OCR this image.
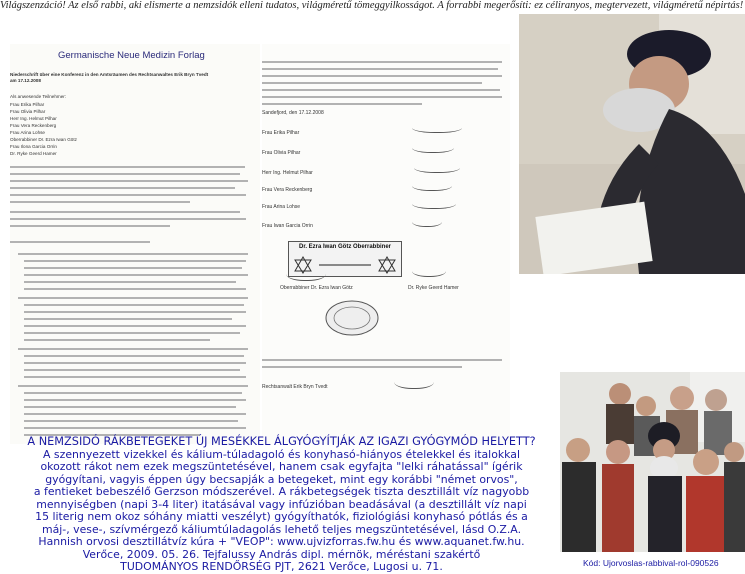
Világszenzáció! Az első rabbi, aki elismerte a nemzsidók elleni tudatos, világméretű tömeggyilkosságot. A forrabbi megerősíti: ez céliranyos, megtervezett, világméretű népirtás!
Germanische Neue Medizin Forlag
Niederschrift über eine Konferenz in den Amtsräumen des Rechtsanwaltes Erik Bryn Tvedt am 17.12.2008
Als anwesende Teilnehmer:
Frau Erika Pilhar
Frau Olivia Pilhar
Herr Ing. Helmut Pilhar
Frau Vera Reckenberg
Frau Arina Lohse
Oberrabbiner Dr. Ezra Iwan Götz
Frau Ilona Garcia Orrin
Dr. Ryke Geerd Hamer
Sandefjord, den 17.12.2008
Frau Erika Pilhar
Frau Olivia Pilhar
Herr Ing. Helmut Pilhar
Frau Vera Reckenberg
Frau Arina Lohse
Frau Iwan Garcia Orrin
Dr. Ezra Iwan Götz Oberrabbiner
Oberrabbiner Dr. Ezra Iwan Götz	Dr. Ryke Geerd Hamer
Rechtsanwalt Erik Bryn Tvedt
A NEMZSIDÓ RÁKBETEGEKET ÚJ MESÉKKEL ÁLGYÓGYÍTJÁK AZ IGAZI GYÓGYMÓD HELYETT?
A szennyezett vizekkel és kálium-túladagoló és konyhasó-hiányos ételekkel és italokkal
okozott rákot nem ezek megszüntetésével, hanem csak egyfajta "lelki ráhatással" ígérik
gyógyítani, vagyis éppen úgy becsapják a betegeket, mint egy korábbi "német orvos",
a fentieket bebeszélő Gerzson módszerével. A rákbetegségek tiszta desztillált víz nagyobb
mennyiségben (napi 3-4 liter) itatásával vagy infúzióban beadásával (a desztillált víz napi
15 literig nem okoz sóhány miatti veszélyt) gyógyíthatók, fiziológiási konyhasó pótlás és a
máj-, vese-, szívmérgező káliumtúladagolás lehető teljes megszüntetésével, lásd O.Z.A.
Hannish orvosi desztillátvíz kúra + "VEOP": www.ujvizforras.fw.hu és www.aquanet.fw.hu.
Verőce, 2009. 05. 26. Tejfalussy András dipl. mérnök, méréstani szakértő
TUDOMÁNYOS RENDŐRSÉG PJT, 2621 Verőce, Lugosi u. 71.	Kód: Ujorvoslas-rabbival-rol-090526
